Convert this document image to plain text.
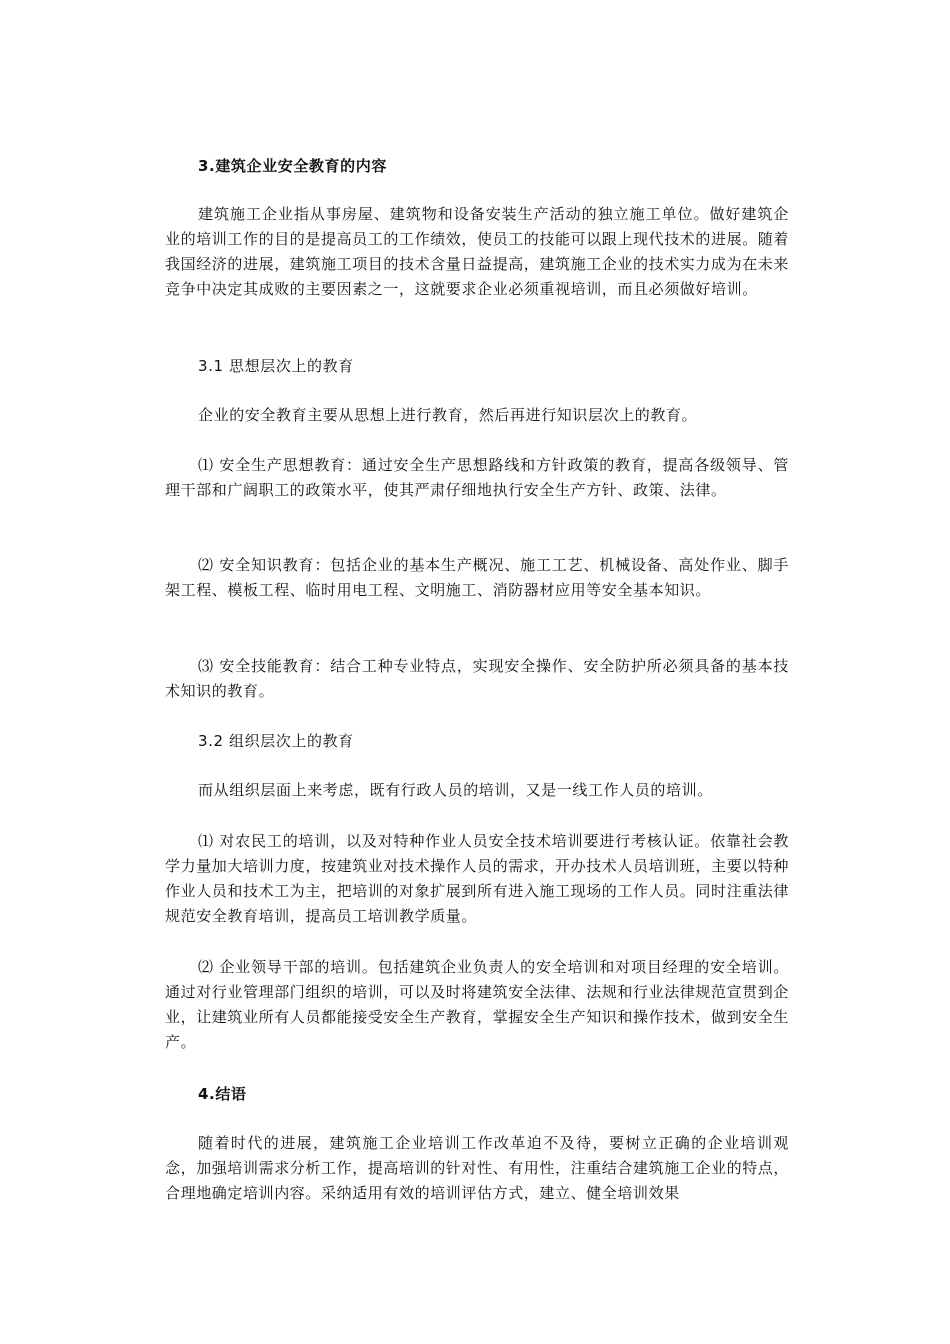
3.建筑企业安全教育的内容
建筑施工企业指从事房屋、建筑物和设备安装生产活动的独立施工单位。做好建筑企业的培训工作的目的是提高员工的工作绩效，使员工的技能可以跟上现代技术的进展。随着我国经济的进展，建筑施工项目的技术含量日益提高，建筑施工企业的技术实力成为在未来竞争中决定其成败的主要因素之一，这就要求企业必须重视培训，而且必须做好培训。
3.1 思想层次上的教育
企业的安全教育主要从思想上进行教育，然后再进行知识层次上的教育。
⑴ 安全生产思想教育：通过安全生产思想路线和方针政策的教育，提高各级领导、管理干部和广阔职工的政策水平，使其严肃仔细地执行安全生产方针、政策、法律。
⑵ 安全知识教育：包括企业的基本生产概况、施工工艺、机械设备、高处作业、脚手架工程、模板工程、临时用电工程、文明施工、消防器材应用等安全基本知识。
⑶ 安全技能教育：结合工种专业特点，实现安全操作、安全防护所必须具备的基本技术知识的教育。
3.2 组织层次上的教育
而从组织层面上来考虑，既有行政人员的培训，又是一线工作人员的培训。
⑴ 对农民工的培训，以及对特种作业人员安全技术培训要进行考核认证。依靠社会教学力量加大培训力度，按建筑业对技术操作人员的需求，开办技术人员培训班，主要以特种作业人员和技术工为主，把培训的对象扩展到所有进入施工现场的工作人员。同时注重法律规范安全教育培训，提高员工培训教学质量。
⑵ 企业领导干部的培训。包括建筑企业负责人的安全培训和对项目经理的安全培训。通过对行业管理部门组织的培训，可以及时将建筑安全法律、法规和行业法律规范宣贯到企业，让建筑业所有人员都能接受安全生产教育，掌握安全生产知识和操作技术，做到安全生产。
4.结语
随着时代的进展，建筑施工企业培训工作改革迫不及待，要树立正确的企业培训观念，加强培训需求分析工作，提高培训的针对性、有用性，注重结合建筑施工企业的特点，合理地确定培训内容。采纳适用有效的培训评估方式，建立、健全培训效果
